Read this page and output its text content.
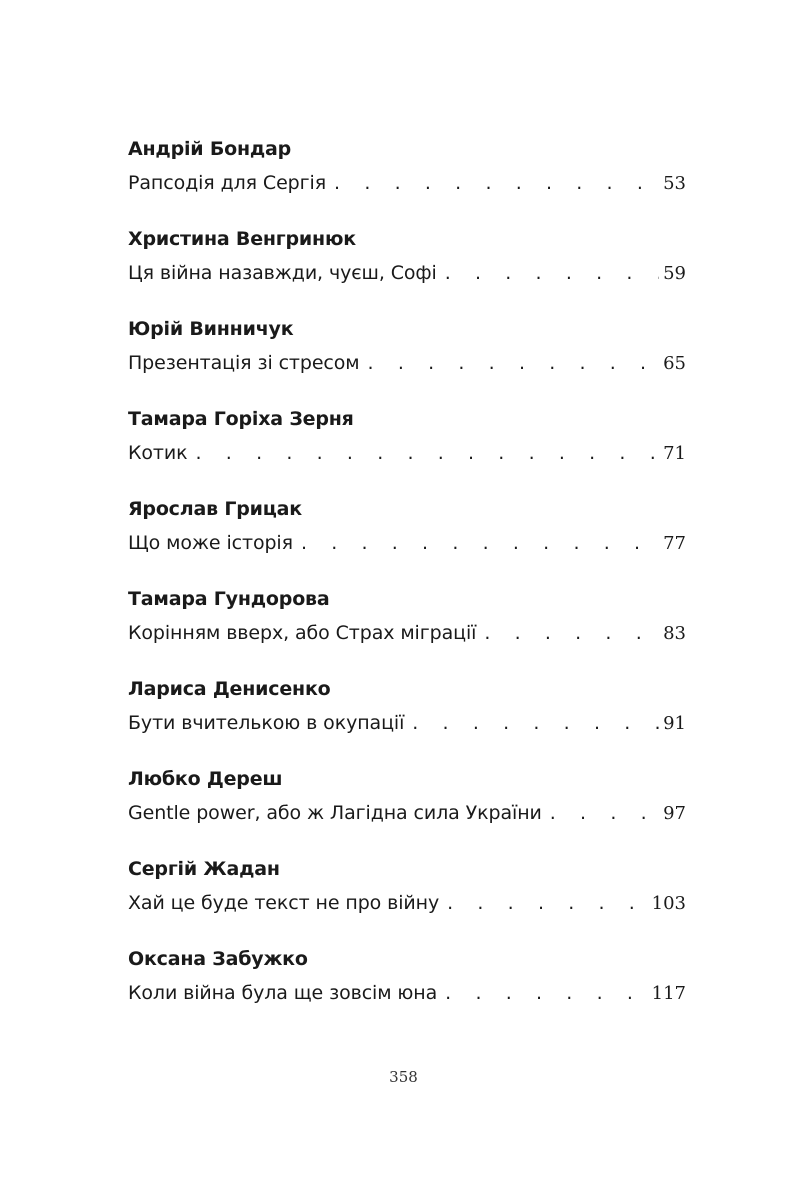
Андрій Бондар
Рапсодія для Сергія . . .	53
Христина Венгринюк
Ця війна назавжди, чуєш, Софі . . .	59
Юрій Винничук
Презентація зі стресом . . .	65
Тамара Горіха Зерня
Котик . . .	71
Ярослав Грицак
Що може історія . . .	77
Тамара Гундорова
Корінням вверх, або Страх міграції . . .	83
Лариса Денисенко
Бути вчителькою в окупації . . .	91
Любко Дереш
Gentle power, або ж Лагідна сила України . . .	97
Сергій Жадан
Хай це буде текст не про війну . . .	103
Оксана Забужко
Коли війна була ще зовсім юна . . .	117
358
